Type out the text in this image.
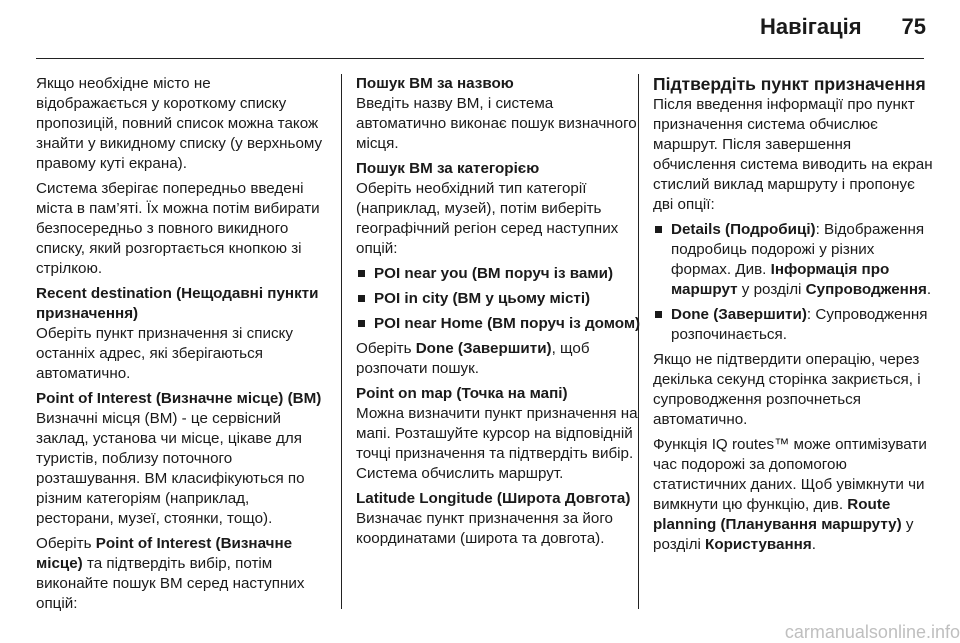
Навігація	75

Якщо необхідне місто не відображається у короткому списку пропозицій, повний список можна також знайти у викидному списку (у верхньому правому куті екрана).

Система зберігає попередньо введені міста в пам’яті. Їх можна потім вибирати безпосередньо з повного викидного списку, який розгортається кнопкою зі стрілкою.

Recent destination (Нещодавні пункти призначення)

Оберіть пункт призначення зі списку останніх адрес, які зберігаються автоматично.

Point of Interest (Визначне місце) (ВМ)

Визначні місця (ВМ) - це сервісний заклад, установа чи місце, цікаве для туристів, поблизу поточного розташування. ВМ класифікуються по різним категоріям (наприклад, ресторани, музеї, стоянки, тощо).

Оберіть Point of Interest (Визначне місце) та підтвердіть вибір, потім виконайте пошук ВМ серед наступних опцій:

Пошук ВМ за назвою

Введіть назву ВМ, і система автоматично виконає пошук визначного місця.

Пошук ВМ за категорією

Оберіть необхідний тип категорії (наприклад, музей), потім виберіть географічний регіон серед наступних опцій:

POI near you (ВМ поруч із вами)
POI in city (ВМ у цьому місті)
POI near Home (ВМ поруч із домом)

Оберіть Done (Завершити), щоб розпочати пошук.

Point on map (Точка на мапі)

Можна визначити пункт призначення на мапі. Розташуйте курсор на відповідній точці призначення та підтвердіть вибір. Система обчислить маршрут.

Latitude Longitude (Широта Довгота)

Визначає пункт призначення за його координатами (широта та довгота).

Підтвердіть пункт призначення

Після введення інформації про пункт призначення система обчислює маршрут. Після завершення обчислення система виводить на екран стислий виклад маршруту і пропонує дві опції:

Details (Подробиці): Відображення подробиць подорожі у різних формах. Див. Інформація про маршрут у розділі Супроводження.
Done (Завершити): Супроводження розпочинається.

Якщо не підтвердити операцію, через декілька секунд сторінка закриється, і супроводження розпочнеться автоматично.

Функція IQ routes™ може оптимізувати час подорожі за допомогою статистичних даних. Щоб увімкнути чи вимкнути цю функцію, див. Route planning (Планування маршруту) у розділі Користування.

carmanualsonline.info
